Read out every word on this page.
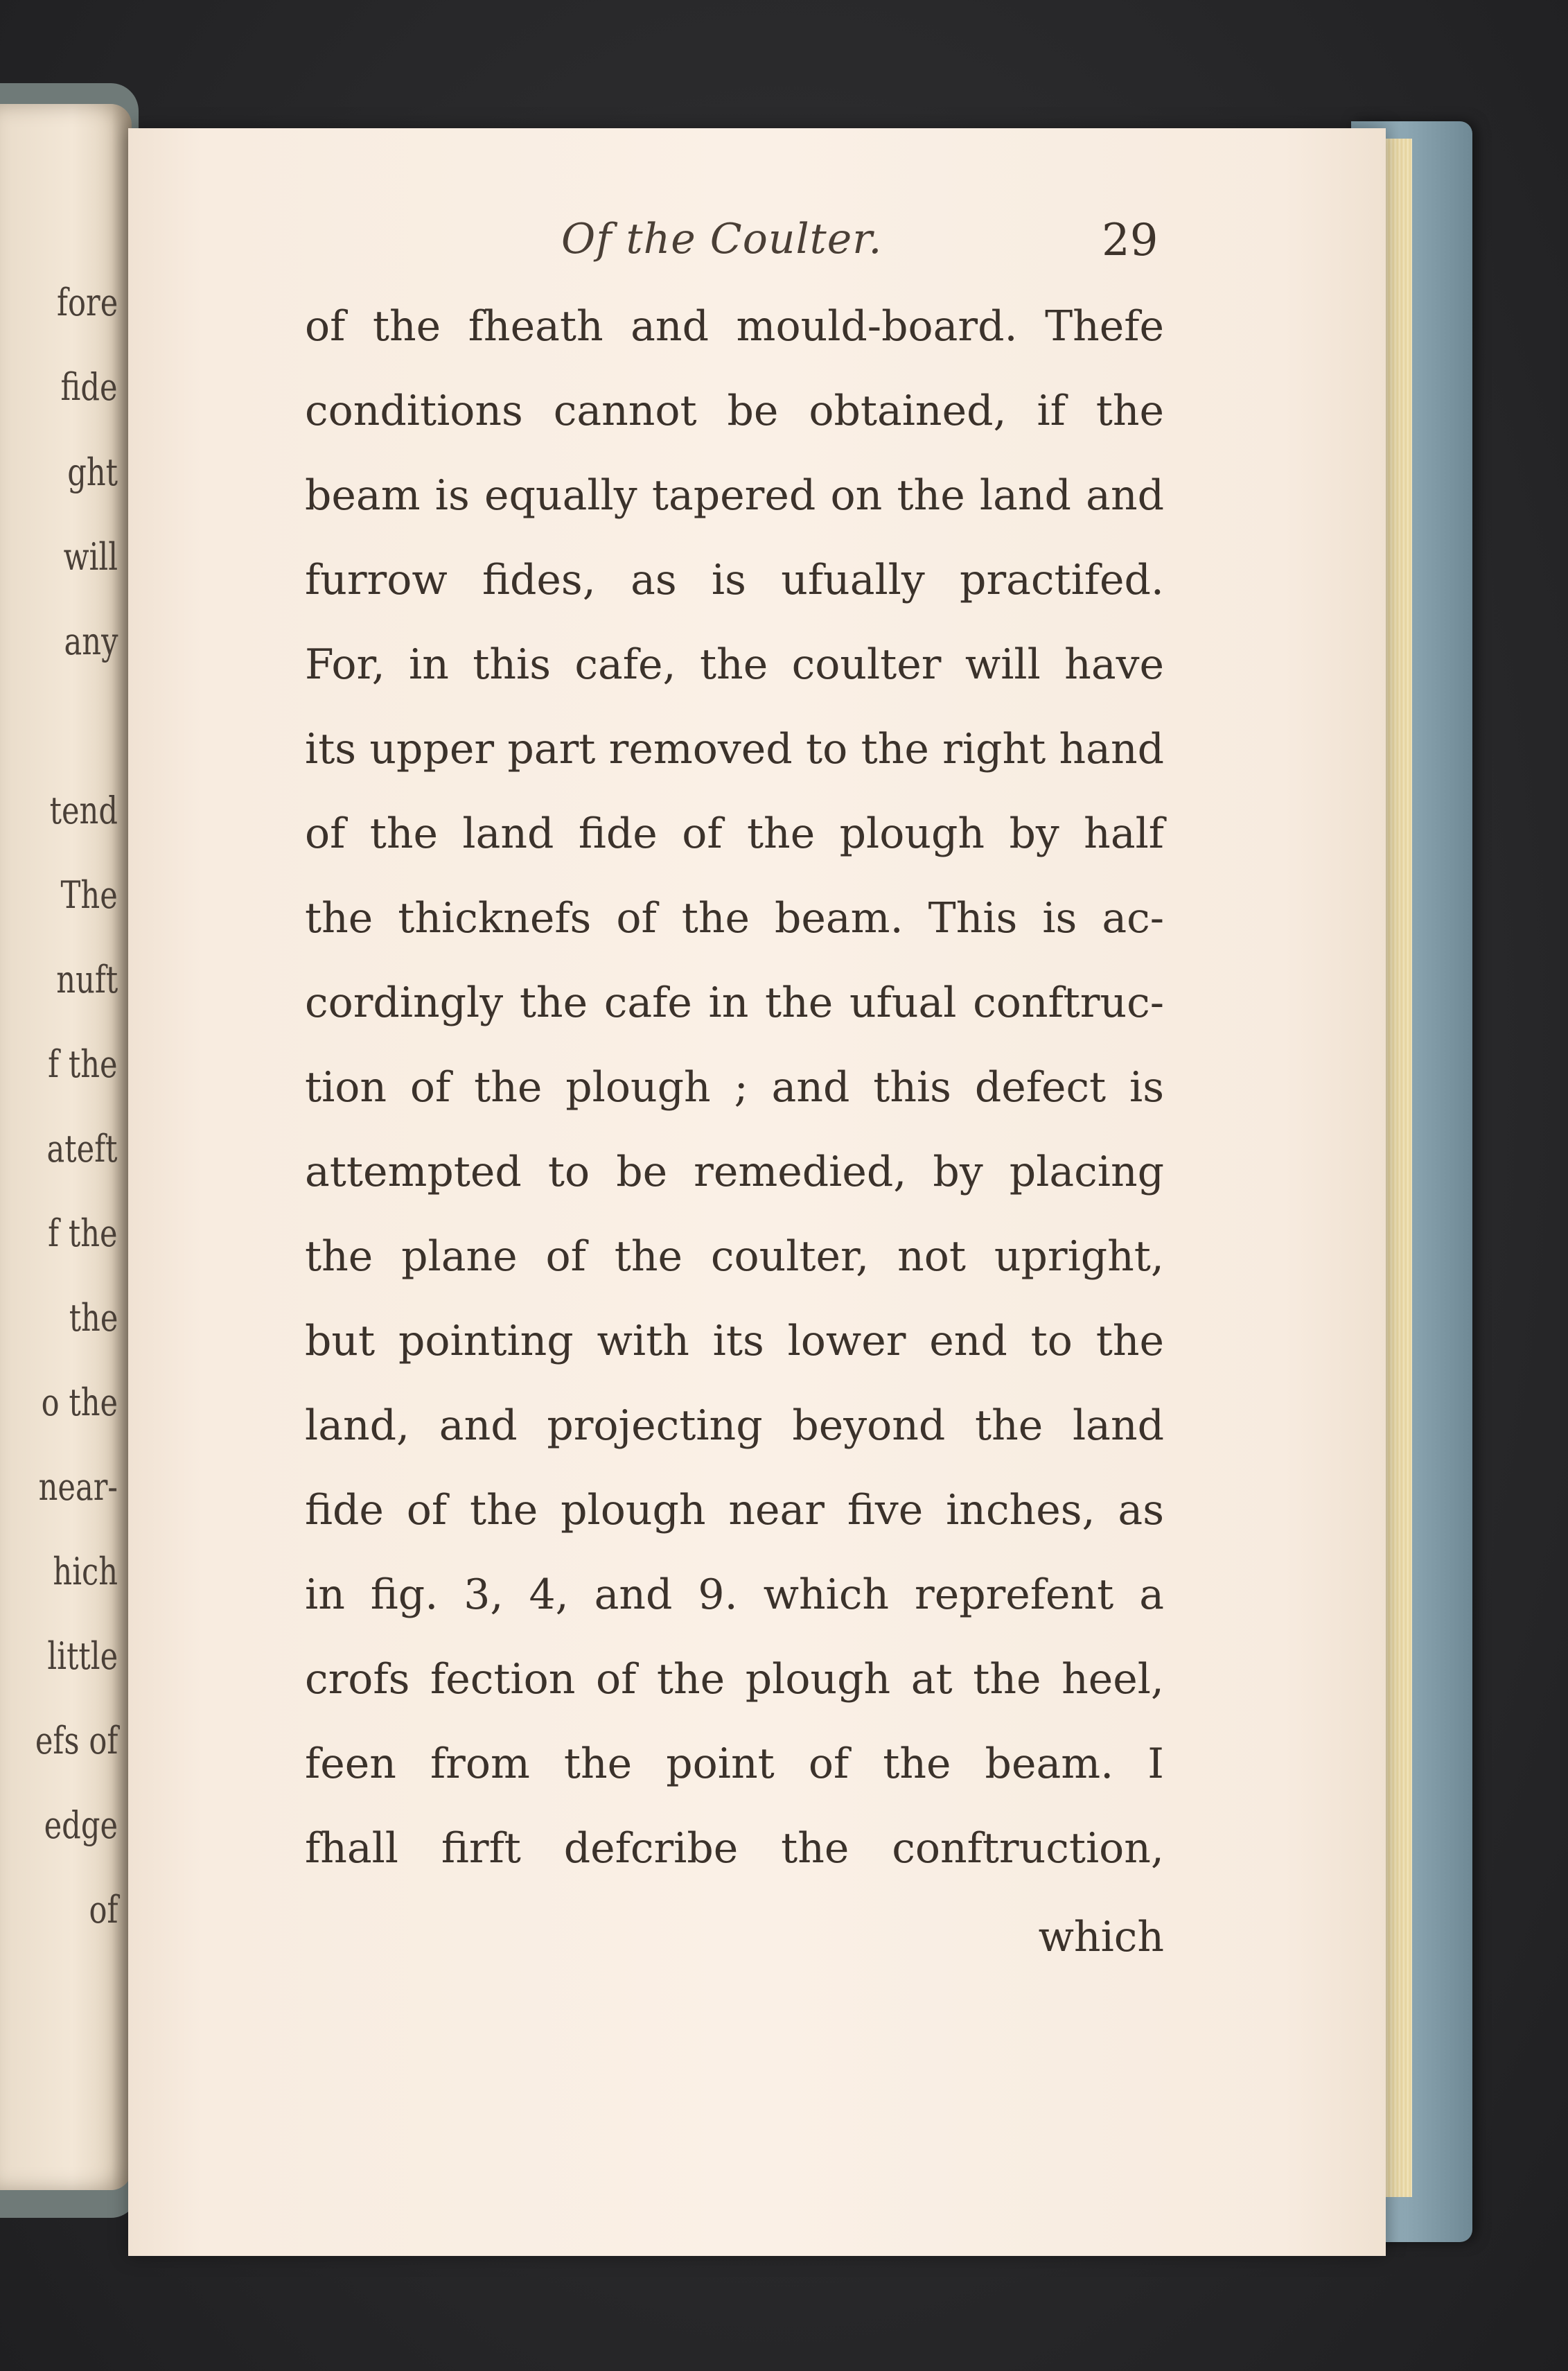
fore
fide
ght
will
any
tend
The
nuft
f the
ateft
f the
the
o the
near-
hich
little
efs of
edge
of
Of the Coulter.	29
of the fheath and mould-board. Thefe
conditions cannot be obtained, if the
beam is equally tapered on the land and
furrow fides, as is ufually practifed.
For, in this cafe, the coulter will have
its upper part removed to the right hand
of the land fide of the plough by half
the thicknefs of the beam. This is ac-
cordingly the cafe in the ufual conftruc-
tion of the plough ; and this defect is
attempted to be remedied, by placing
the plane of the coulter, not upright,
but pointing with its lower end to the
land, and projecting beyond the land
fide of the plough near five inches, as
in fig. 3, 4, and 9. which reprefent a
crofs fection of the plough at the heel,
feen from the point of the beam. I
fhall firft defcribe the conftruction,
which
